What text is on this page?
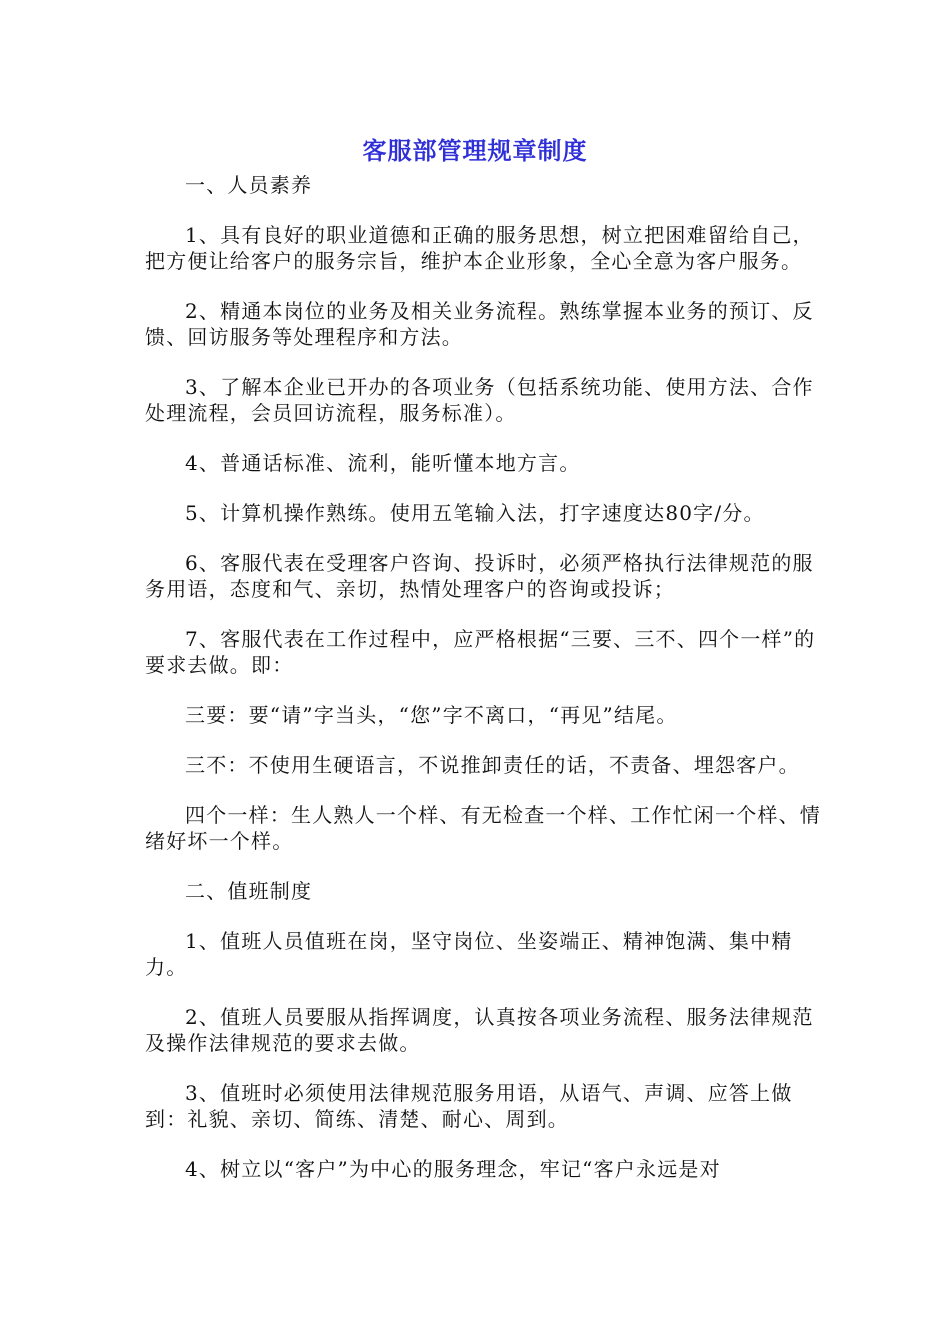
客服部管理规章制度

一、人员素养

1、具有良好的职业道德和正确的服务思想，树立把困难留给自己，把方便让给客户的服务宗旨，维护本企业形象，全心全意为客户服务。

2、精通本岗位的业务及相关业务流程。熟练掌握本业务的预订、反馈、回访服务等处理程序和方法。

3、了解本企业已开办的各项业务（包括系统功能、使用方法、合作处理流程，会员回访流程，服务标准）。

4、普通话标准、流利，能听懂本地方言。

5、计算机操作熟练。使用五笔输入法，打字速度达80字/分。

6、客服代表在受理客户咨询、投诉时，必须严格执行法律规范的服务用语，态度和气、亲切，热情处理客户的咨询或投诉；

7、客服代表在工作过程中，应严格根据“三要、三不、四个一样”的要求去做。即：

三要：要“请”字当头，“您”字不离口，“再见”结尾。

三不：不使用生硬语言，不说推卸责任的话，不责备、埋怨客户。

四个一样：生人熟人一个样、有无检查一个样、工作忙闲一个样、情绪好坏一个样。

二、值班制度

1、值班人员值班在岗，坚守岗位、坐姿端正、精神饱满、集中精力。

2、值班人员要服从指挥调度，认真按各项业务流程、服务法律规范及操作法律规范的要求去做。

3、值班时必须使用法律规范服务用语，从语气、声调、应答上做到：礼貌、亲切、简练、清楚、耐心、周到。

4、树立以“客户”为中心的服务理念，牢记“客户永远是对
